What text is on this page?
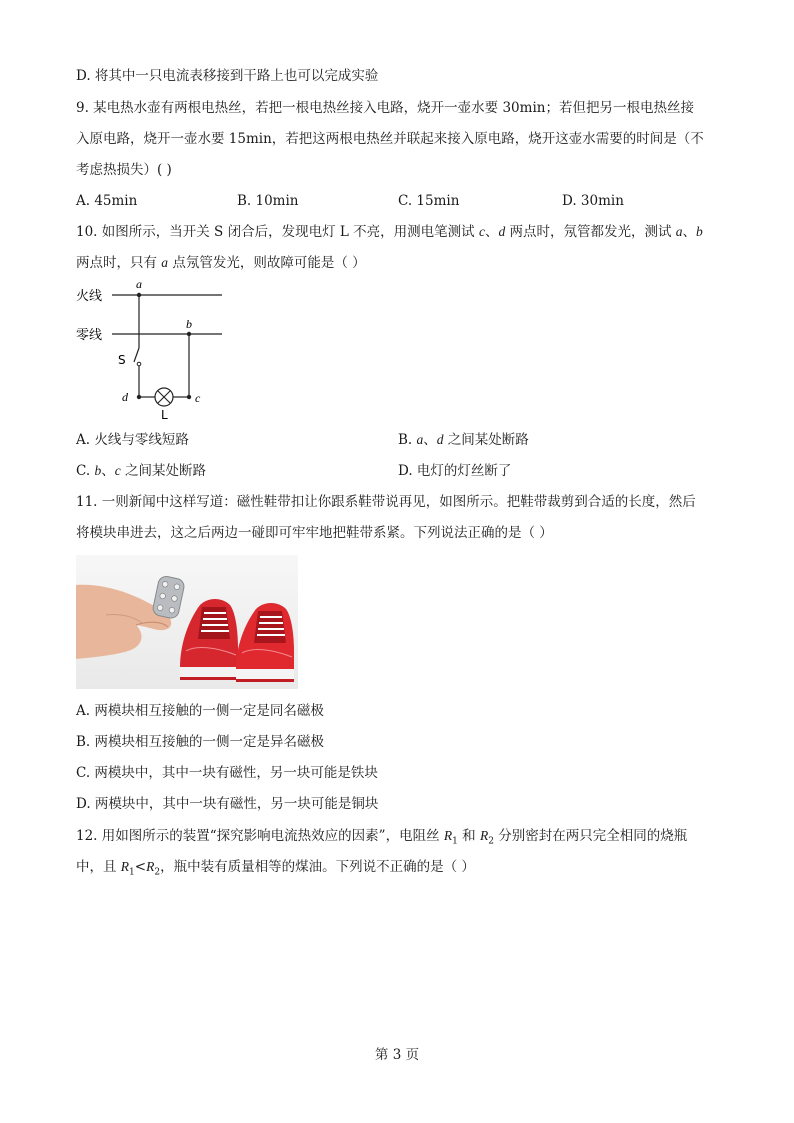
D. 将其中一只电流表移接到干路上也可以完成实验
9. 某电热水壶有两根电热丝，若把一根电热丝接入电路，烧开一壶水要 30min；若但把另一根电热丝接
入原电路，烧开一壶水要 15min，若把这两根电热丝并联起来接入原电路，烧开这壶水需要的时间是（不
考虑热损失）( )
A. 45min	B. 10min	C. 15min	D. 30min
10. 如图所示，当开关 S 闭合后，发现电灯 L 不亮，用测电笔测试 c、d 两点时，氖管都发光，测试 a、b
两点时，只有 a 点氖管发光，则故障可能是（ ）
火线
零线
a
b
S
d
L
c
A. 火线与零线短路	B. a、d 之间某处断路
C. b、c 之间某处断路	D. 电灯的灯丝断了
11. 一则新闻中这样写道：磁性鞋带扣让你跟系鞋带说再见，如图所示。把鞋带裁剪到合适的长度，然后
将模块串进去，这之后两边一碰即可牢牢地把鞋带系紧。下列说法正确的是（ ）
A. 两模块相互接触的一侧一定是同名磁极
B. 两模块相互接触的一侧一定是异名磁极
C. 两模块中，其中一块有磁性，另一块可能是铁块
D. 两模块中，其中一块有磁性，另一块可能是铜块
12. 用如图所示的装置“探究影响电流热效应的因素”，电阻丝 $R_1$ 和 $R_2$ 分别密封在两只完全相同的烧瓶
中，且 $R_1<R_2$，瓶中装有质量相等的煤油。下列说不正确的是（ ）
第 3 页
